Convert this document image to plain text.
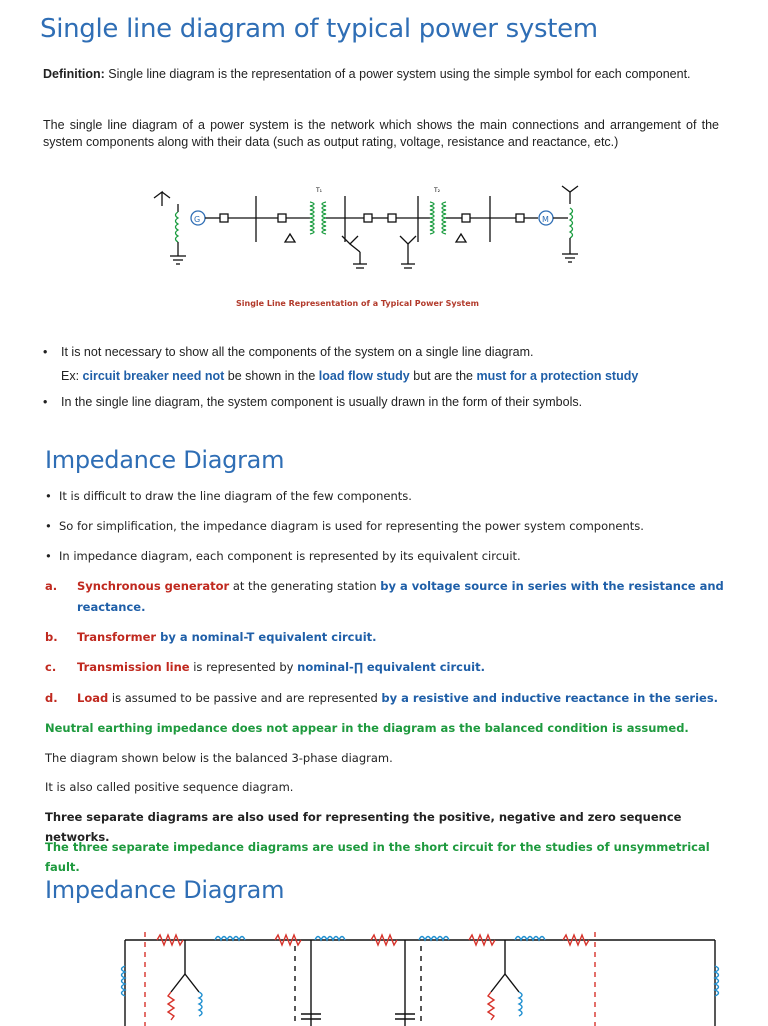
Single line diagram of typical power system

Definition: Single line diagram is the representation of a power system using the simple symbol for each component.

The single line diagram of a power system is the network which shows the main connections and arrangement of the system components along with their data (such as output rating, voltage, resistance and reactance, etc.)

G	M
T₁	T₂
Single Line Representation of a Typical Power System
• It is not necessary to show all the components of the system on a single line diagram.
Ex: circuit breaker need not be shown in the load flow study but are the must for a protection study
• In the single line diagram, the system component is usually drawn in the form of their symbols.
Impedance Diagram
• It is difficult to draw the line diagram of the few components.
• So for simplification, the impedance diagram is used for representing the power system components.
• In impedance diagram, each component is represented by its equivalent circuit.
a. Synchronous generator at the generating station by a voltage source in series with the resistance and
reactance.
b. Transformer by a nominal-T equivalent circuit.
c. Transmission line is represented by nominal-∏ equivalent circuit.
d. Load is assumed to be passive and are represented by a resistive and inductive reactance in the series.
Neutral earthing impedance does not appear in the diagram as the balanced condition is assumed.
The diagram shown below is the balanced 3-phase diagram.
It is also called positive sequence diagram.
Three separate diagrams are also used for representing the positive, negative and zero sequence networks.
The three separate impedance diagrams are used in the short circuit for the studies of unsymmetrical fault.
Impedance Diagram
